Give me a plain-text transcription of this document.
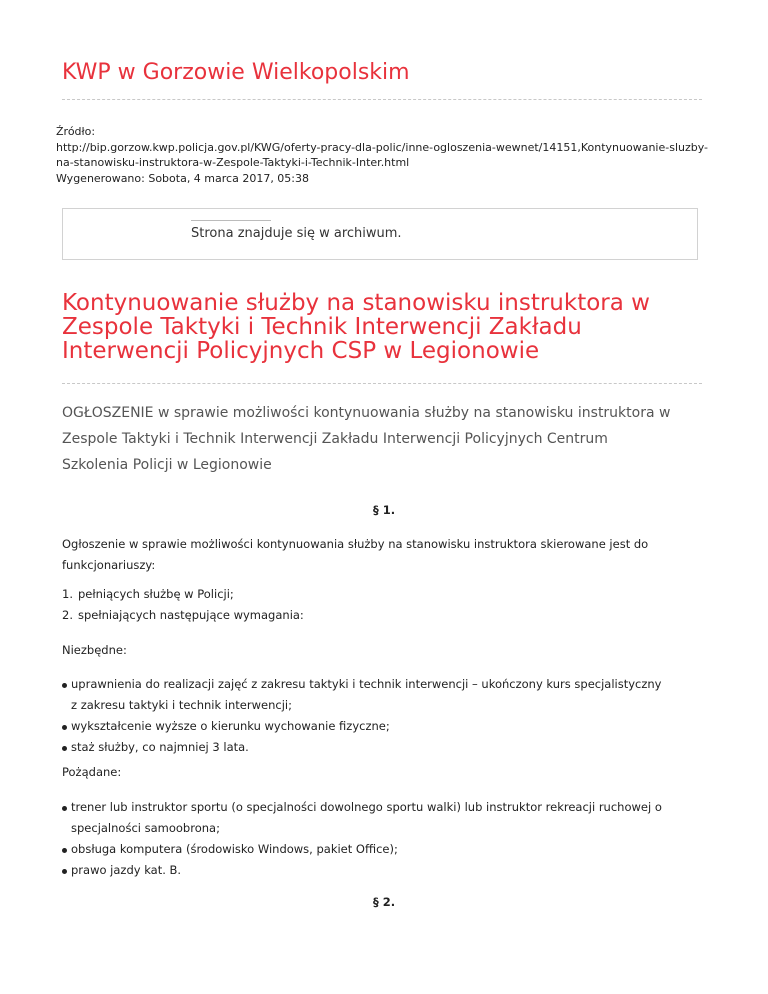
KWP w Gorzowie Wielkopolskim

Źródło:

http://bip.gorzow.kwp.policja.gov.pl/KWG/oferty-pracy-dla-polic/inne-ogloszenia-wewnet/14151,Kontynuowanie-sluzby-

na-stanowisku-instruktora-w-Zespole-Taktyki-i-Technik-Inter.html

Wygenerowano: Sobota, 4 marca 2017, 05:38

Strona znajduje się w archiwum.
Kontynuowanie służby na stanowisku instruktora w
Zespole Taktyki i Technik Interwencji Zakładu
Interwencji Policyjnych CSP w Legionowie

OGŁOSZENIE w sprawie możliwości kontynuowania służby na stanowisku instruktora w
Zespole Taktyki i Technik Interwencji Zakładu Interwencji Policyjnych Centrum
Szkolenia Policji w Legionowie

§ 1.

Ogłoszenie w sprawie możliwości kontynuowania służby na stanowisku instruktora skierowane jest do
funkcjonariuszy:

1. pełniących służbę w Policji;
2. spełniających następujące wymagania:

Niezbędne:

uprawnienia do realizacji zajęć z zakresu taktyki i technik interwencji – ukończony kurs specjalistyczny
z zakresu taktyki i technik interwencji;
wykształcenie wyższe o kierunku wychowanie fizyczne;
staż służby, co najmniej 3 lata.

Pożądane:

trener lub instruktor sportu (o specjalności dowolnego sportu walki) lub instruktor rekreacji ruchowej o
specjalności samoobrona;
obsługa komputera (środowisko Windows, pakiet Office);
prawo jazdy kat. B.

§ 2.
